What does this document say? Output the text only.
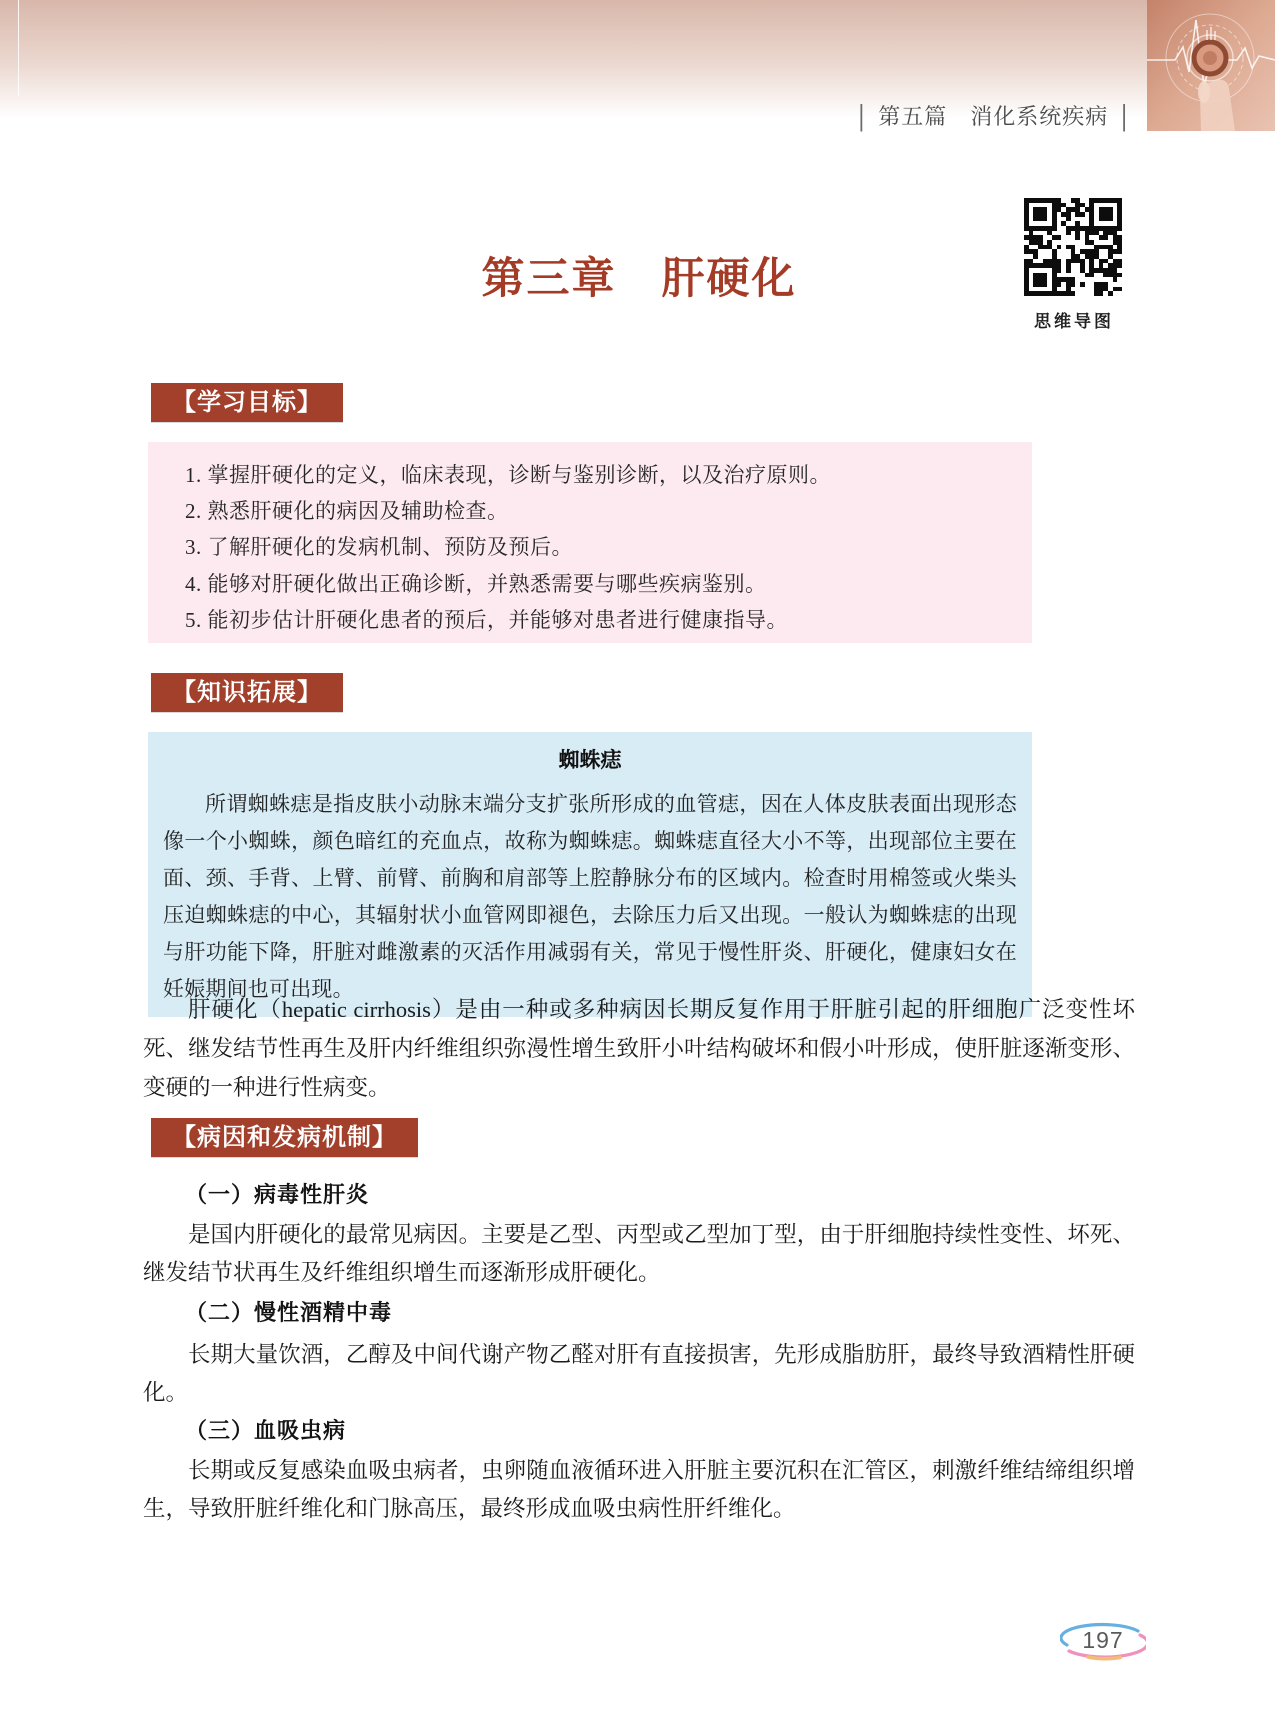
| 第五篇　消化系统疾病 |
思维导图
第三章　肝硬化
【学习目标】
1. 掌握肝硬化的定义，临床表现，诊断与鉴别诊断，以及治疗原则。
2. 熟悉肝硬化的病因及辅助检查。
3. 了解肝硬化的发病机制、预防及预后。
4. 能够对肝硬化做出正确诊断，并熟悉需要与哪些疾病鉴别。
5. 能初步估计肝硬化患者的预后，并能够对患者进行健康指导。
【知识拓展】
蜘蛛痣
所谓蜘蛛痣是指皮肤小动脉末端分支扩张所形成的血管痣，因在人体皮肤表面出现形态像一个小蜘蛛，颜色暗红的充血点，故称为蜘蛛痣。蜘蛛痣直径大小不等，出现部位主要在面、颈、手背、上臂、前臂、前胸和肩部等上腔静脉分布的区域内。检查时用棉签或火柴头压迫蜘蛛痣的中心，其辐射状小血管网即褪色，去除压力后又出现。一般认为蜘蛛痣的出现与肝功能下降，肝脏对雌激素的灭活作用减弱有关，常见于慢性肝炎、肝硬化，健康妇女在妊娠期间也可出现。
肝硬化（hepatic cirrhosis）是由一种或多种病因长期反复作用于肝脏引起的肝细胞广泛变性坏死、继发结节性再生及肝内纤维组织弥漫性增生致肝小叶结构破坏和假小叶形成，使肝脏逐渐变形、变硬的一种进行性病变。
【病因和发病机制】
（一）病毒性肝炎
是国内肝硬化的最常见病因。主要是乙型、丙型或乙型加丁型，由于肝细胞持续性变性、坏死、继发结节状再生及纤维组织增生而逐渐形成肝硬化。
（二）慢性酒精中毒
长期大量饮酒，乙醇及中间代谢产物乙醛对肝有直接损害，先形成脂肪肝，最终导致酒精性肝硬化。
（三）血吸虫病
长期或反复感染血吸虫病者，虫卵随血液循环进入肝脏主要沉积在汇管区，刺激纤维结缔组织增生，导致肝脏纤维化和门脉高压，最终形成血吸虫病性肝纤维化。
197
